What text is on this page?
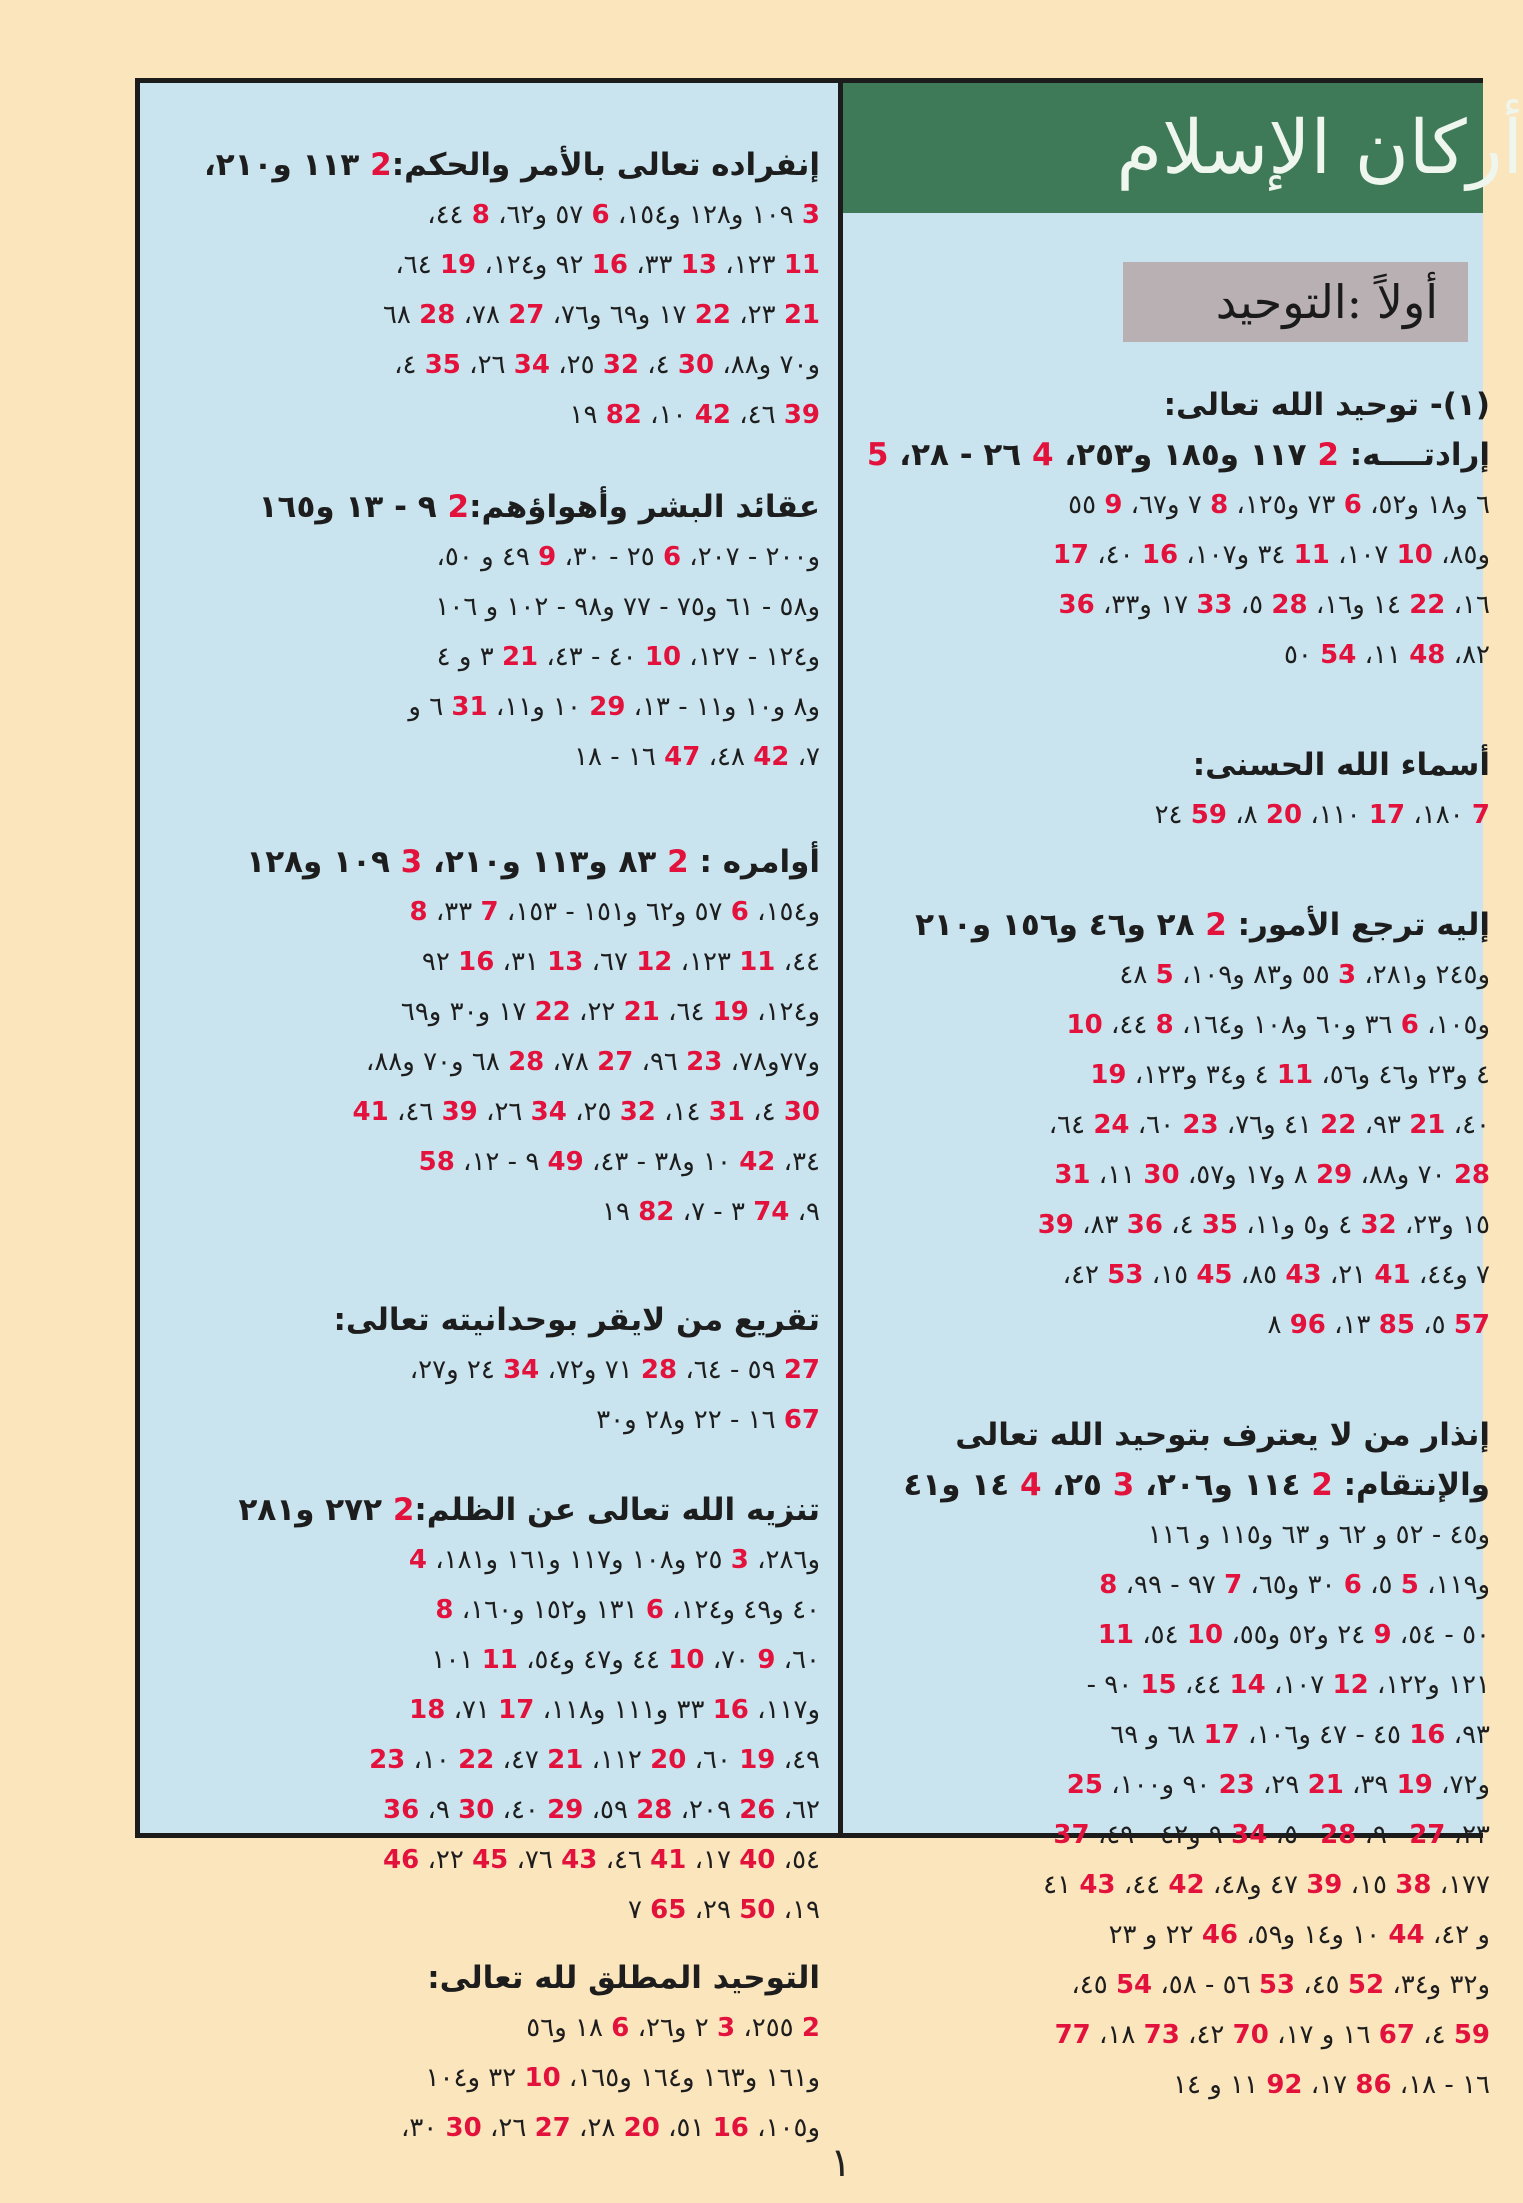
أركان الإسلام
أولاً :التوحيد
إنفراده تعالى بالأمر والحكم:2 ١١٣ و٢١٠،
3 ١٠٩ و١٢٨ و١٥٤، 6 ٥٧ و٦٢، 8 ٤٤،
11 ١٢٣، 13 ٣٣، 16 ٩٢ و١٢٤، 19 ٦٤،
21 ٢٣، 22 ١٧ و٦٩ و٧٦، 27 ٧٨، 28 ٦٨
و٧٠ و٨٨، 30 ٤، 32 ٢٥، 34 ٢٦، 35 ٤،
39 ٤٦، 42 ١٠، 82 ١٩
عقائد البشر وأهواؤهم:2 ٩ - ١٣ و١٦٥
و٢٠٠ - ٢٠٧، 6 ٢٥ - ٣٠، 9 ٤٩ و ٥٠،
و٥٨ - ٦١ و٧٥ - ٧٧ و٩٨ - ١٠٢ و ١٠٦
و١٢٤ - ١٢٧، 10 ٤٠ - ٤٣، 21 ٣ و ٤
و٨ و١٠ و١١ - ١٣، 29 ١٠ و١١، 31 ٦ و
٧، 42 ٤٨، 47 ١٦ - ١٨
أوامره : 2 ٨٣ و١١٣ و٢١٠، 3 ١٠٩ و١٢٨
و١٥٤، 6 ٥٧ و٦٢ و١٥١ - ١٥٣، 7 ٣٣، 8
٤٤، 11 ١٢٣، 12 ٦٧، 13 ٣١، 16 ٩٢
و١٢٤، 19 ٦٤، 21 ٢٢، 22 ١٧ و٣٠ و٦٩
و٧٧و٧٨، 23 ٩٦، 27 ٧٨، 28 ٦٨ و٧٠ و٨٨،
30 ٤، 31 ١٤، 32 ٢٥، 34 ٢٦، 39 ٤٦، 41
٣٤، 42 ١٠ و٣٨ - ٤٣، 49 ٩ - ١٢، 58
٩، 74 ٣ - ٧، 82 ١٩
تقريع من لايقر بوحدانيته تعالى:
27 ٥٩ - ٦٤، 28 ٧١ و٧٢، 34 ٢٤ و٢٧،
67 ١٦ - ٢٢ و٢٨ و٣٠
تنزيه الله تعالى عن الظلم:2 ٢٧٢ و٢٨١
و٢٨٦، 3 ٢٥ و١٠٨ و١١٧ و١٦١ و١٨١، 4
٤٠ و٤٩ و١٢٤، 6 ١٣١ و١٥٢ و١٦٠، 8
٦٠، 9 ٧٠، 10 ٤٤ و٤٧ و٥٤، 11 ١٠١
و١١٧، 16 ٣٣ و١١١ و١١٨، 17 ٧١، 18
٤٩، 19 ٦٠، 20 ١١٢، 21 ٤٧، 22 ١٠، 23
٦٢، 26 ٢٠٩، 28 ٥٩، 29 ٤٠، 30 ٩، 36
٥٤، 40 ١٧، 41 ٤٦، 43 ٧٦، 45 ٢٢، 46
١٩، 50 ٢٩، 65 ٧
التوحيد المطلق لله تعالى:
2 ٢٥٥، 3 ٢ و٢٦، 6 ١٨ و٥٦
و١٦١ و١٦٣ و١٦٤ و١٦٥، 10 ٣٢ و١٠٤
و١٠٥، 16 ٥١، 20 ٢٨، 27 ٢٦، 30 ٣٠،
(١)- توحيد الله تعالى:
إرادتــــه: 2 ١١٧ و١٨٥ و٢٥٣، 4 ٢٦ - ٢٨، 5
٦ و١٨ و٥٢، 6 ٧٣ و١٢٥، 8 ٧ و٦٧، 9 ٥٥
و٨٥، 10 ١٠٧، 11 ٣٤ و١٠٧، 16 ٤٠، 17
١٦، 22 ١٤ و١٦، 28 ٥، 33 ١٧ و٣٣، 36
٨٢، 48 ١١، 54 ٥٠
أسماء الله الحسنى:
7 ١٨٠، 17 ١١٠، 20 ٨، 59 ٢٤
إليه ترجع الأمور: 2 ٢٨ و٤٦ و١٥٦ و٢١٠
و٢٤٥ و٢٨١، 3 ٥٥ و٨٣ و١٠٩، 5 ٤٨
و١٠٥، 6 ٣٦ و٦٠ و١٠٨ و١٦٤، 8 ٤٤، 10
٤ و٢٣ و٤٦ و٥٦، 11 ٤ و٣٤ و١٢٣، 19
٤٠، 21 ٩٣، 22 ٤١ و٧٦، 23 ٦٠، 24 ٦٤،
28 ٧٠ و٨٨، 29 ٨ و١٧ و٥٧، 30 ١١، 31
١٥ و٢٣، 32 ٤ و٥ و١١، 35 ٤، 36 ٨٣، 39
٧ و٤٤، 41 ٢١، 43 ٨٥، 45 ١٥، 53 ٤٢،
57 ٥، 85 ١٣، 96 ٨
إنذار من لا يعترف بتوحيد الله تعالى
والإنتقام: 2 ١١٤ و٢٠٦، 3 ٢٥، 4 ١٤ و٤١
و٤٥ - ٥٢ و ٦٢ و ٦٣ و١١٥ و ١١٦
و١١٩، 5 ٥، 6 ٣٠ و٦٥، 7 ٩٧ - ٩٩، 8
٥٠ - ٥٤، 9 ٢٤ و٥٢ و٥٥، 10 ٥٤، 11
١٢١ و١٢٢، 12 ١٠٧، 14 ٤٤، 15 ٩٠ -
٩٣، 16 ٤٥ - ٤٧ و١٠٦، 17 ٦٨ و ٦٩
و٧٢، 19 ٣٩، 21 ٢٩، 23 ٩٠ و١٠٠، 25
٢٣، 27 ٩٠، 28 ٥٠، 34 ٩ و٤٢ - ٤٩، 37
١٧٧، 38 ١٥، 39 ٤٧ و٤٨، 42 ٤٤، 43 ٤١
و ٤٢، 44 ١٠ و١٤ و٥٩، 46 ٢٢ و ٢٣
و٣٢ و٣٤، 52 ٤٥، 53 ٥٦ - ٥٨، 54 ٤٥،
59 ٤، 67 ١٦ و ١٧، 70 ٤٢، 73 ١٨، 77
١٦ - ١٨، 86 ١٧، 92 ١١ و ١٤
١
